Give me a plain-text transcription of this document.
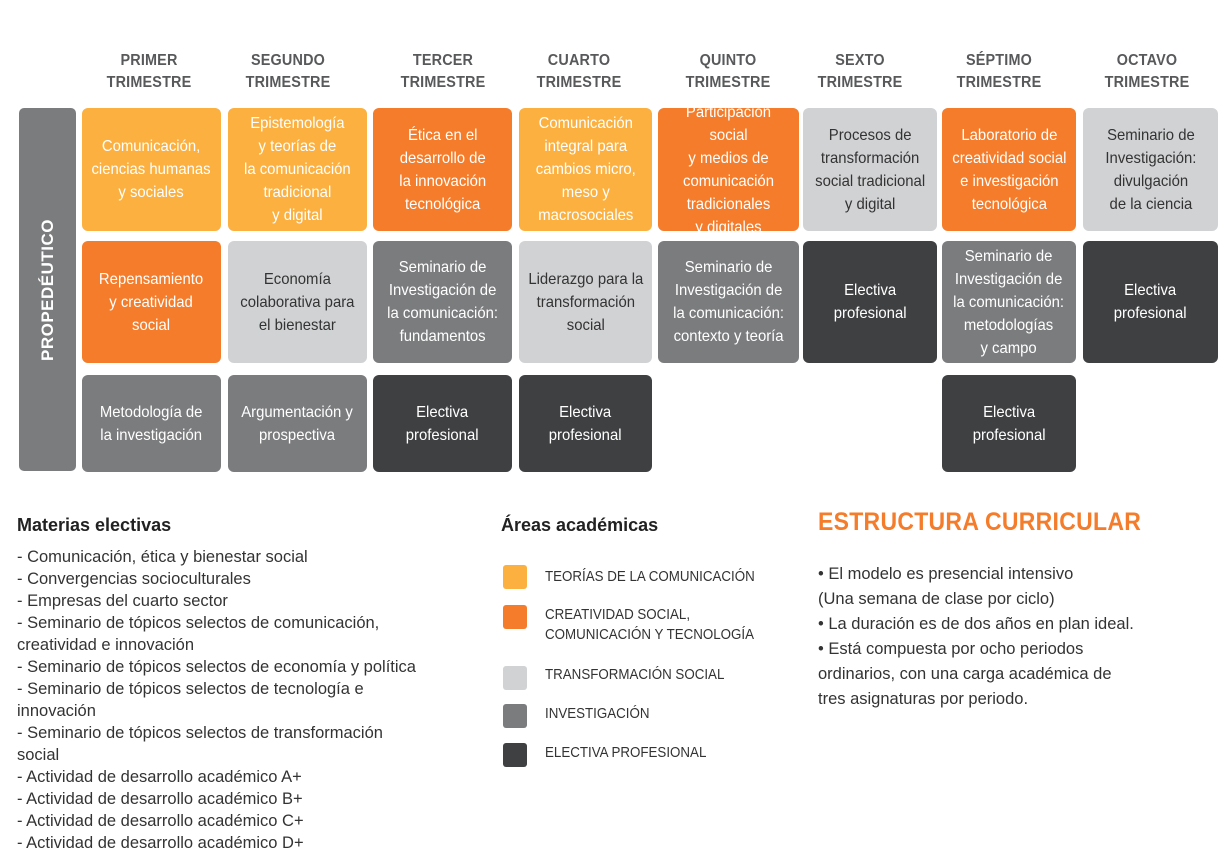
PRIMER
TRIMESTRE
SEGUNDO
TRIMESTRE
TERCER
TRIMESTRE
CUARTO
TRIMESTRE
QUINTO
TRIMESTRE
SEXTO
TRIMESTRE
SÉPTIMO
TRIMESTRE
OCTAVO
TRIMESTRE
PROPEDÉUTICO
Comunicación,
ciencias humanas
y sociales
Repensamiento
y creatividad
social
Metodología de
la investigación
Epistemología
y teorías de
la comunicación
tradicional
y digital
Economía
colaborativa para
el bienestar
Argumentación y
prospectiva
Ética en el
desarrollo de
la innovación
tecnológica
Seminario de
Investigación de
la comunicación:
fundamentos
Electiva
profesional
Comunicación
integral para
cambios micro,
meso y
macrosociales
Liderazgo para la
transformación
social
Electiva
profesional
Participación social
y medios de
comunicación
tradicionales
y digitales
Seminario de
Investigación de
la comunicación:
contexto y teoría
Procesos de
transformación
social tradicional
y digital
Electiva
profesional
Laboratorio de
creatividad social
e investigación
tecnológica
Seminario de
Investigación de
la comunicación:
metodologías
y campo
Electiva
profesional
Seminario de
Investigación:
divulgación
de la ciencia
Electiva
profesional
Materias electivas
- Comunicación, ética y bienestar social
- Convergencias socioculturales
- Empresas del cuarto sector
- Seminario de tópicos selectos de comunicación,
creatividad e innovación
- Seminario de tópicos selectos de economía y política
- Seminario de tópicos selectos de tecnología e
innovación
- Seminario de tópicos selectos de transformación
social
- Actividad de desarrollo académico A+
- Actividad de desarrollo académico B+
- Actividad de desarrollo académico C+
- Actividad de desarrollo académico D+
Áreas académicas
TEORÍAS DE LA COMUNICACIÓN
CREATIVIDAD SOCIAL,
COMUNICACIÓN Y TECNOLOGÍA
TRANSFORMACIÓN SOCIAL
INVESTIGACIÓN
ELECTIVA PROFESIONAL
ESTRUCTURA CURRICULAR
• El modelo es presencial intensivo
(Una semana de clase por ciclo)
• La duración es de dos años en plan ideal.
• Está compuesta por ocho periodos
ordinarios, con una carga académica de
tres asignaturas por periodo.
